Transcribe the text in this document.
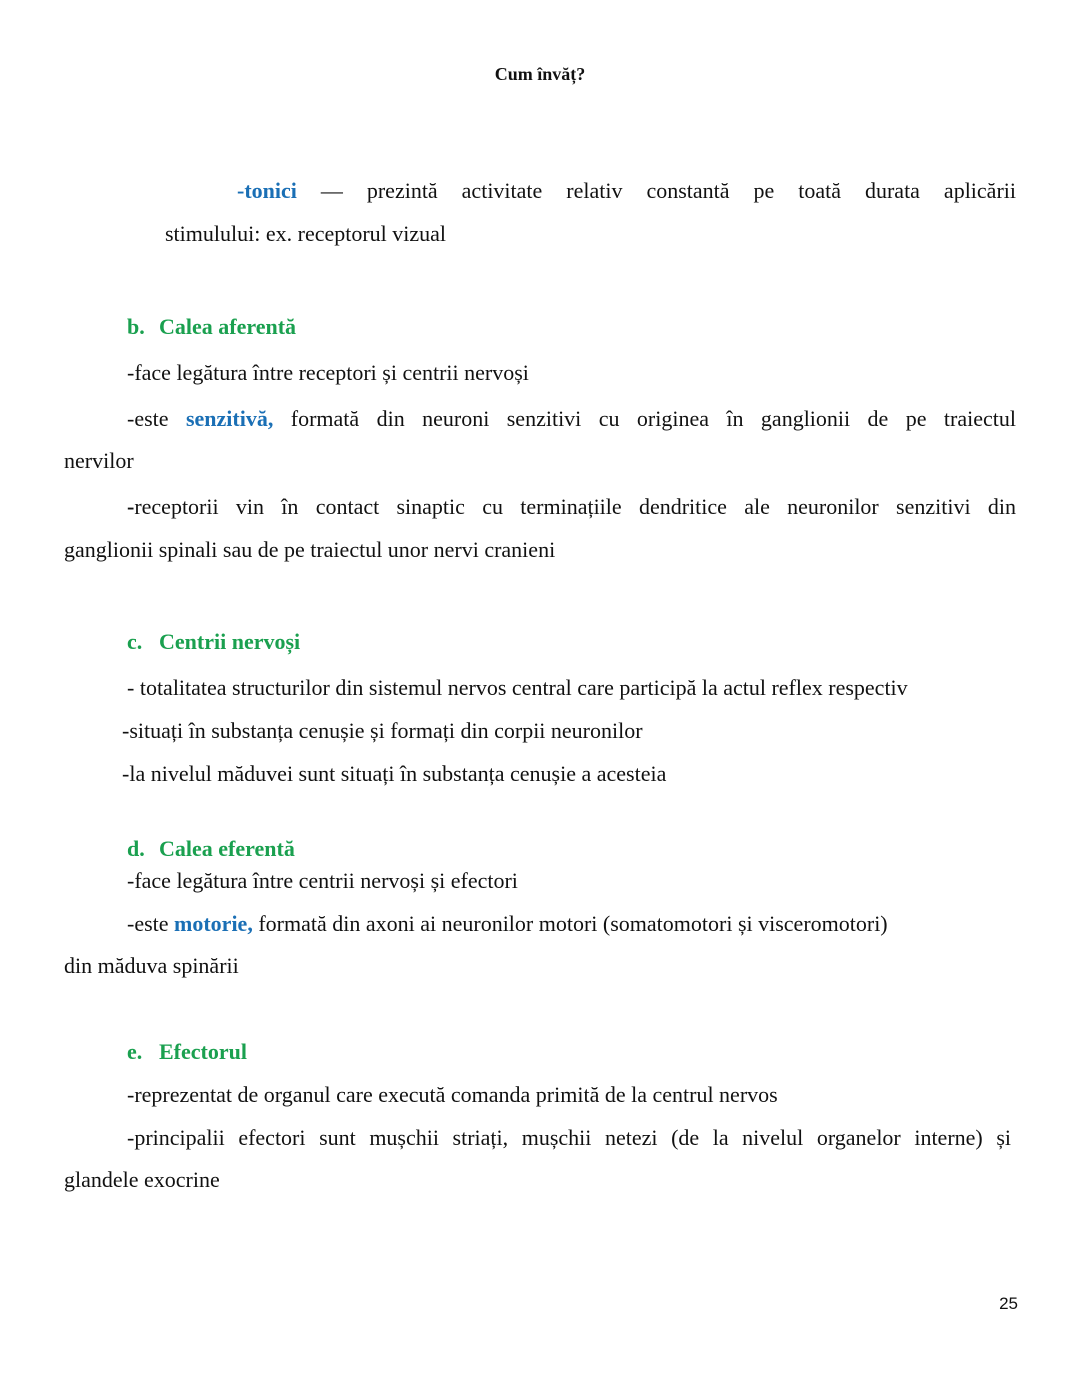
Cum învăț?
-tonici — prezintă activitate relativ constantă pe toată durata aplicării
stimulului: ex. receptorul vizual
b. Calea aferentă
-face legătura între receptori și centrii nervoși
-este senzitivă, formată din neuroni senzitivi cu originea în ganglionii de pe traiectul
nervilor
-receptorii vin în contact sinaptic cu terminațiile dendritice ale neuronilor senzitivi din
ganglionii spinali sau de pe traiectul unor nervi cranieni
c. Centrii nervoși
- totalitatea structurilor din sistemul nervos central care participă la actul reflex respectiv
-situați în substanța cenușie și formați din corpii neuronilor
-la nivelul măduvei sunt situați în substanța cenușie a acesteia
d. Calea eferentă
-face legătura între centrii nervoși și efectori
-este motorie, formată din axoni ai neuronilor motori (somatomotori și visceromotori)
din măduva spinării
e. Efectorul
-reprezentat de organul care execută comanda primită de la centrul nervos
-principalii efectori sunt mușchii striați, mușchii netezi (de la nivelul organelor interne) și
glandele exocrine
25
